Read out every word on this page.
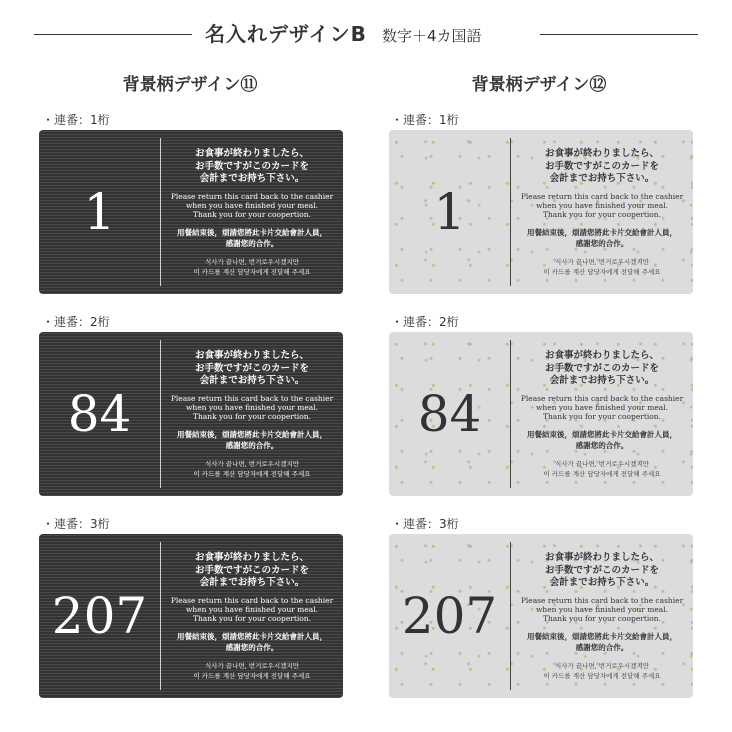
名入れデザインB 数字＋4カ国語
背景柄デザイン⑪	背景柄デザイン⑫
・連番：1桁	・連番：1桁
・連番：2桁	・連番：2桁
・連番：3桁	・連番：3桁
1
お食事が終わりましたら、
お手数ですがこのカードを
会計までお持ち下さい。
Please return this card back to the cashier
when you have finished your meal.
Thank you for your coopertion.
用餐結束後，煩請您將此卡片交給會計人員，
感謝您的合作。
식사가 끝나면, 번거로우시겠지만
이 카드를 계산 담당자에게 전달해 주세요
1
お食事が終わりましたら、
お手数ですがこのカードを
会計までお持ち下さい。
Please return this card back to the cashier
when you have finished your meal.
Thank you for your coopertion.
用餐結束後，煩請您將此卡片交給會計人員，
感謝您的合作。
식사가 끝나면, 번거로우시겠지만
이 카드를 계산 담당자에게 전달해 주세요
84
お食事が終わりましたら、
お手数ですがこのカードを
会計までお持ち下さい。
Please return this card back to the cashier
when you have finished your meal.
Thank you for your coopertion.
用餐結束後，煩請您將此卡片交給會計人員，
感謝您的合作。
식사가 끝나면, 번거로우시겠지만
이 카드를 계산 담당자에게 전달해 주세요
84
お食事が終わりましたら、
お手数ですがこのカードを
会計までお持ち下さい。
Please return this card back to the cashier
when you have finished your meal.
Thank you for your coopertion.
用餐結束後，煩請您將此卡片交給會計人員，
感謝您的合作。
식사가 끝나면, 번거로우시겠지만
이 카드를 계산 담당자에게 전달해 주세요
207
お食事が終わりましたら、
お手数ですがこのカードを
会計までお持ち下さい。
Please return this card back to the cashier
when you have finished your meal.
Thank you for your coopertion.
用餐結束後，煩請您將此卡片交給會計人員，
感謝您的合作。
식사가 끝나면, 번거로우시겠지만
이 카드를 계산 담당자에게 전달해 주세요
207
お食事が終わりましたら、
お手数ですがこのカードを
会計までお持ち下さい。
Please return this card back to the cashier
when you have finished your meal.
Thank you for your coopertion.
用餐結束後，煩請您將此卡片交給會計人員，
感謝您的合作。
식사가 끝나면, 번거로우시겠지만
이 카드를 계산 담당자에게 전달해 주세요
